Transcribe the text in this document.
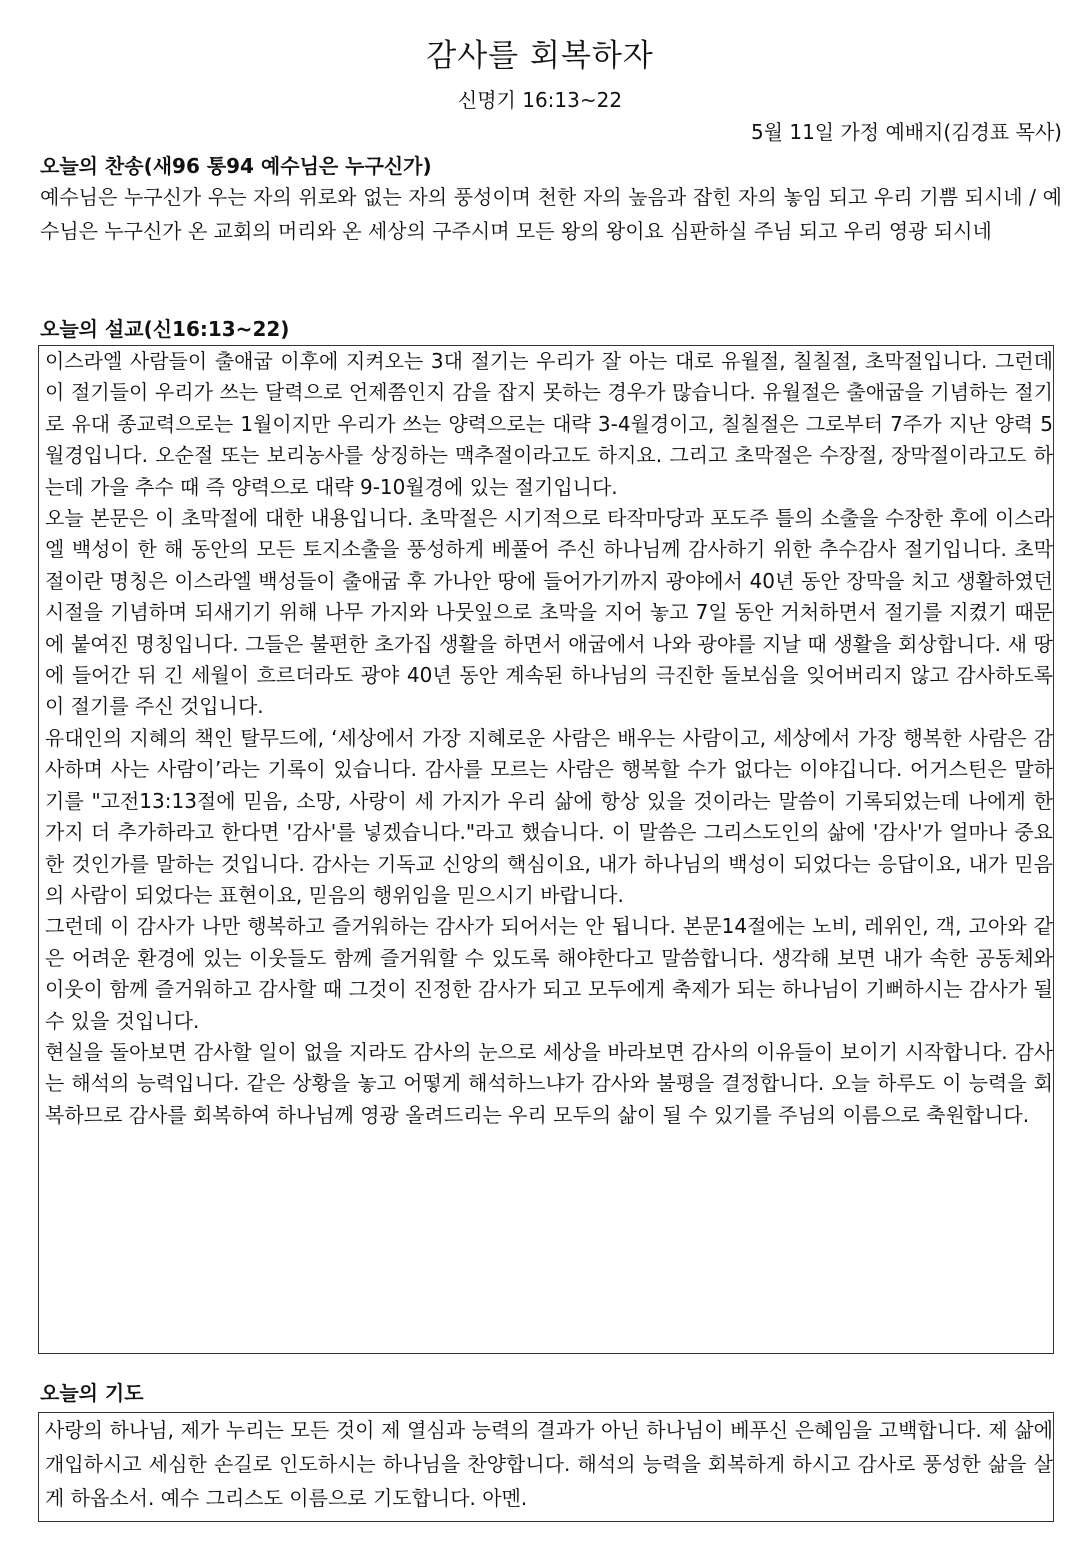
감사를 회복하자
신명기 16:13~22
5월 11일 가정 예배지(김경표 목사)
오늘의 찬송(새96 통94 예수님은 누구신가)
예수님은 누구신가 우는 자의 위로와 없는 자의 풍성이며 천한 자의 높음과 잡힌 자의 놓임 되고 우리 기쁨 되시네 / 예수님은 누구신가 온 교회의 머리와 온 세상의 구주시며 모든 왕의 왕이요 심판하실 주님 되고 우리 영광 되시네
오늘의 설교(신16:13~22)

이스라엘 사람들이 출애굽 이후에 지켜오는 3대 절기는 우리가 잘 아는 대로 유월절, 칠칠절, 초막절입니다. 그런데 이 절기들이 우리가 쓰는 달력으로 언제쯤인지 감을 잡지 못하는 경우가 많습니다. 유월절은 출애굽을 기념하는 절기로 유대 종교력으로는 1월이지만 우리가 쓰는 양력으로는 대략 3-4월경이고, 칠칠절은 그로부터 7주가 지난 양력 5월경입니다. 오순절 또는 보리농사를 상징하는 맥추절이라고도 하지요. 그리고 초막절은 수장절, 장막절이라고도 하는데 가을 추수 때 즉 양력으로 대략 9-10월경에 있는 절기입니다.

오늘 본문은 이 초막절에 대한 내용입니다. 초막절은 시기적으로 타작마당과 포도주 틀의 소출을 수장한 후에 이스라엘 백성이 한 해 동안의 모든 토지소출을 풍성하게 베풀어 주신 하나님께 감사하기 위한 추수감사 절기입니다. 초막절이란 명칭은 이스라엘 백성들이 출애굽 후 가나안 땅에 들어가기까지 광야에서 40년 동안 장막을 치고 생활하였던 시절을 기념하며 되새기기 위해 나무 가지와 나뭇잎으로 초막을 지어 놓고 7일 동안 거처하면서 절기를 지켰기 때문에 붙여진 명칭입니다. 그들은 불편한 초가집 생활을 하면서 애굽에서 나와 광야를 지날 때 생활을 회상합니다. 새 땅에 들어간 뒤 긴 세월이 흐르더라도 광야 40년 동안 계속된 하나님의 극진한 돌보심을 잊어버리지 않고 감사하도록 이 절기를 주신 것입니다.

유대인의 지혜의 책인 탈무드에, ‘세상에서 가장 지혜로운 사람은 배우는 사람이고, 세상에서 가장 행복한 사람은 감사하며 사는 사람이’라는 기록이 있습니다. 감사를 모르는 사람은 행복할 수가 없다는 이야깁니다. 어거스틴은 말하기를 "고전13:13절에 믿음, 소망, 사랑이 세 가지가 우리 삶에 항상 있을 것이라는 말씀이 기록되었는데 나에게 한 가지 더 추가하라고 한다면 '감사'를 넣겠습니다."라고 했습니다. 이 말씀은 그리스도인의 삶에 '감사'가 얼마나 중요한 것인가를 말하는 것입니다. 감사는 기독교 신앙의 핵심이요, 내가 하나님의 백성이 되었다는 응답이요, 내가 믿음의 사람이 되었다는 표현이요, 믿음의 행위임을 믿으시기 바랍니다.

그런데 이 감사가 나만 행복하고 즐거워하는 감사가 되어서는 안 됩니다. 본문14절에는 노비, 레위인, 객, 고아와 같은 어려운 환경에 있는 이웃들도 함께 즐거워할 수 있도록 해야한다고 말씀합니다. 생각해 보면 내가 속한 공동체와 이웃이 함께 즐거워하고 감사할 때 그것이 진정한 감사가 되고 모두에게 축제가 되는 하나님이 기뻐하시는 감사가 될 수 있을 것입니다.

현실을 돌아보면 감사할 일이 없을 지라도 감사의 눈으로 세상을 바라보면 감사의 이유들이 보이기 시작합니다. 감사는 해석의 능력입니다. 같은 상황을 놓고 어떻게 해석하느냐가 감사와 불평을 결정합니다. 오늘 하루도 이 능력을 회복하므로 감사를 회복하여 하나님께 영광 올려드리는 우리 모두의 삶이 될 수 있기를 주님의 이름으로 축원합니다.

오늘의 기도

사랑의 하나님, 제가 누리는 모든 것이 제 열심과 능력의 결과가 아닌 하나님이 베푸신 은혜임을 고백합니다. 제 삶에 개입하시고 세심한 손길로 인도하시는 하나님을 찬양합니다. 해석의 능력을 회복하게 하시고 감사로 풍성한 삶을 살게 하옵소서. 예수 그리스도 이름으로 기도합니다. 아멘.
